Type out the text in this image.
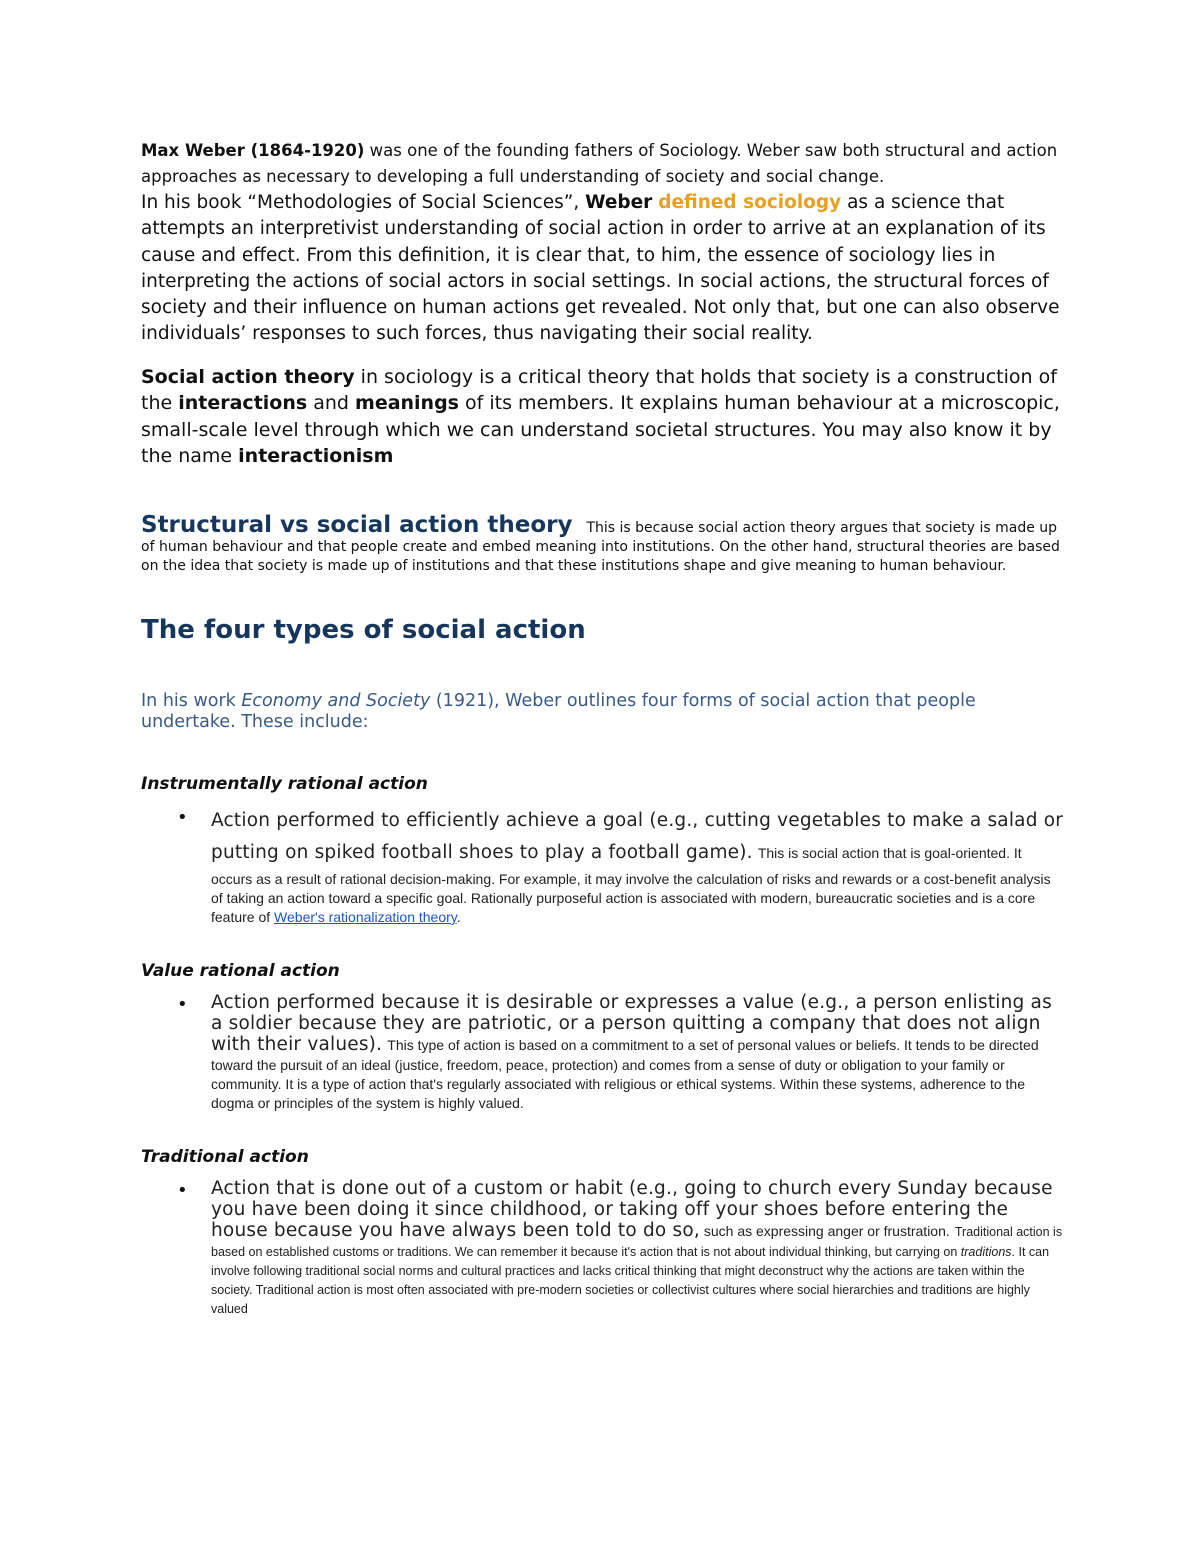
Max Weber (1864-1920) was one of the founding fathers of Sociology. Weber saw both structural and action approaches as necessary to developing a full understanding of society and social change.

In his book “Methodologies of Social Sciences”, Weber defined sociology as a science that attempts an interpretivist understanding of social action in order to arrive at an explanation of its cause and effect. From this definition, it is clear that, to him, the essence of sociology lies in interpreting the actions of social actors in social settings. In social actions, the structural forces of society and their influence on human actions get revealed. Not only that, but one can also observe individuals’ responses to such forces, thus navigating their social reality.

Social action theory in sociology is a critical theory that holds that society is a construction of the interactions and meanings of its members. It explains human behaviour at a microscopic, small-scale level through which we can understand societal structures. You may also know it by the name interactionism

Structural vs social action theory This is because social action theory argues that society is made up of human behaviour and that people create and embed meaning into institutions. On the other hand, structural theories are based on the idea that society is made up of institutions and that these institutions shape and give meaning to human behaviour.

The four types of social action

In his work Economy and Society (1921), Weber outlines four forms of social action that people undertake. These include:

Instrumentally rational action

• Action performed to efficiently achieve a goal (e.g., cutting vegetables to make a salad or putting on spiked football shoes to play a football game). This is social action that is goal-oriented. It occurs as a result of rational decision-making. For example, it may involve the calculation of risks and rewards or a cost-benefit analysis of taking an action toward a specific goal. Rationally purposeful action is associated with modern, bureaucratic societies and is a core feature of Weber's rationalization theory.

Value rational action

• Action performed because it is desirable or expresses a value (e.g., a person enlisting as a soldier because they are patriotic, or a person quitting a company that does not align with their values). This type of action is based on a commitment to a set of personal values or beliefs. It tends to be directed toward the pursuit of an ideal (justice, freedom, peace, protection) and comes from a sense of duty or obligation to your family or community. It is a type of action that's regularly associated with religious or ethical systems. Within these systems, adherence to the dogma or principles of the system is highly valued.

Traditional action

• Action that is done out of a custom or habit (e.g., going to church every Sunday because you have been doing it since childhood, or taking off your shoes before entering the house because you have always been told to do so, such as expressing anger or frustration. Traditional action is based on established customs or traditions. We can remember it because it's action that is not about individual thinking, but carrying on traditions. It can involve following traditional social norms and cultural practices and lacks critical thinking that might deconstruct why the actions are taken within the society. Traditional action is most often associated with pre-modern societies or collectivist cultures where social hierarchies and traditions are highly valued
